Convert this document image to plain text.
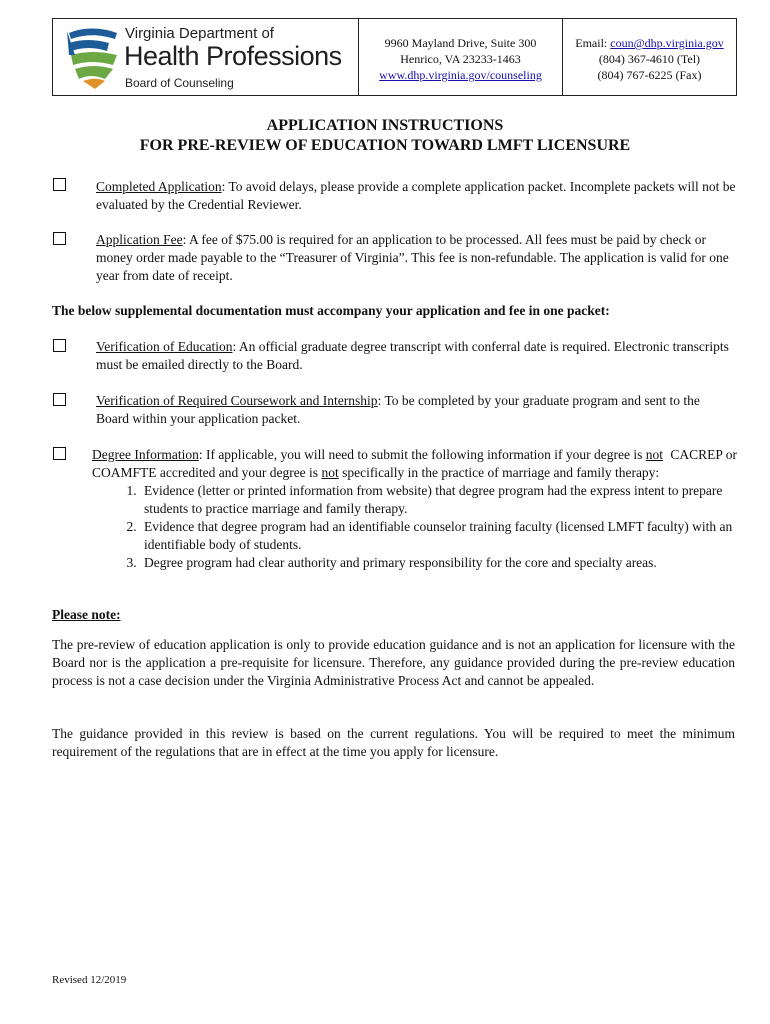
Virginia Department of
Health Professions
Board of Counseling
9960 Mayland Drive, Suite 300
Henrico, VA 23233-1463
www.dhp.virginia.gov/counseling
Email: coun@dhp.virginia.gov
(804) 367-4610 (Tel)
(804) 767-6225 (Fax)
APPLICATION INSTRUCTIONS
FOR PRE-REVIEW OF EDUCATION TOWARD LMFT LICENSURE
Completed Application: To avoid delays, please provide a complete application packet. Incomplete packets will not be evaluated by the Credential Reviewer.
Application Fee: A fee of $75.00 is required for an application to be processed. All fees must be paid by check or money order made payable to the “Treasurer of Virginia”. This fee is non-refundable. The application is valid for one year from date of receipt.
The below supplemental documentation must accompany your application and fee in one packet:
Verification of Education: An official graduate degree transcript with conferral date is required. Electronic transcripts must be emailed directly to the Board.
Verification of Required Coursework and Internship: To be completed by your graduate program and sent to the Board within your application packet.
Degree Information: If applicable, you will need to submit the following information if your degree is not CACREP or COAMFTE accredited and your degree is not specifically in the practice of marriage and family therapy:
1. Evidence (letter or printed information from website) that degree program had the express intent to prepare students to practice marriage and family therapy.
2. Evidence that degree program had an identifiable counselor training faculty (licensed LMFT faculty) with an identifiable body of students.
3. Degree program had clear authority and primary responsibility for the core and specialty areas.
Please note:
The pre-review of education application is only to provide education guidance and is not an application for licensure with the Board nor is the application a pre-requisite for licensure. Therefore, any guidance provided during the pre-review education process is not a case decision under the Virginia Administrative Process Act and cannot be appealed.
The guidance provided in this review is based on the current regulations. You will be required to meet the minimum requirement of the regulations that are in effect at the time you apply for licensure.
Revised 12/2019
